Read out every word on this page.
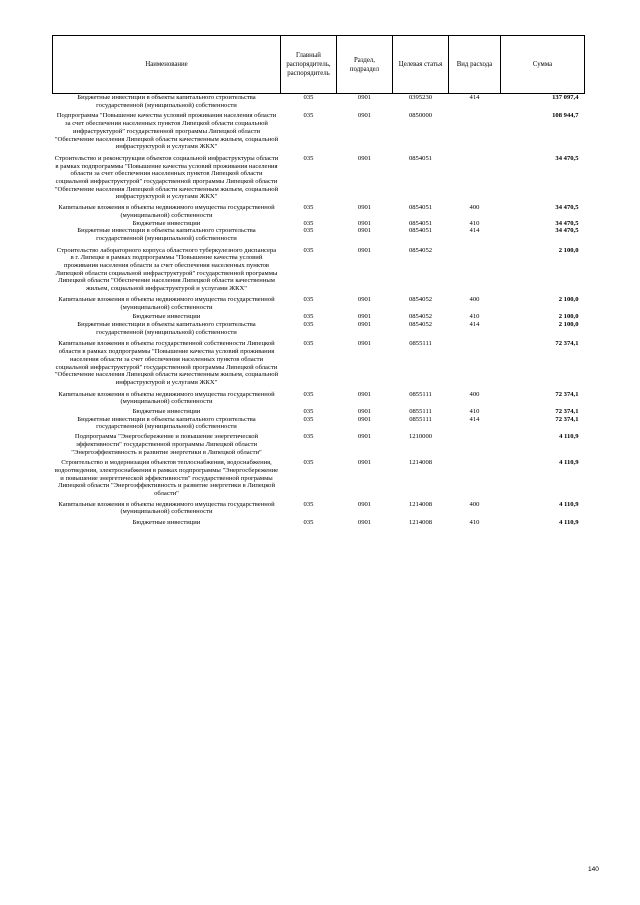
Наименование	Главный распорядитель, распорядитель	Раздел, подраздел	Целевая статья	Вид расхода	Сумма
Бюджетные инвестиции в объекты капитального строительства государственной (муниципальной) собственности	035	0901	0395230	414	137 097,4
Подпрограмма "Повышение качества условий проживания населения области за счет обеспечения населенных пунктов Липецкой области социальной инфраструктурой" государственной программы Липецкой области "Обеспечение населения Липецкой области качественным жильем, социальной инфраструктурой и услугами ЖКХ"	035	0901	0850000		108 944,7
Строительство и реконструкция объектов социальной инфраструктуры области в рамках подпрограммы "Повышение качества условий проживания населения области за счет обеспечения населенных пунктов Липецкой области социальной инфраструктурой" государственной программы Липецкой области "Обеспечение населения Липецкой области качественным жильем, социальной инфраструктурой и услугами ЖКХ"	035	0901	0854051		34 470,5
Капитальные вложения в объекты недвижимого имущества государственной (муниципальной) собственности	035	0901	0854051	400	34 470,5
Бюджетные инвестиции	035	0901	0854051	410	34 470,5
Бюджетные инвестиции в объекты капитального строительства государственной (муниципальной) собственности	035	0901	0854051	414	34 470,5
Строительство лабораторного корпуса областного туберкулезного диспансера в г. Липецке в рамках подпрограммы "Повышение качества условий проживания населения области за счет обеспечения населенных пунктов Липецкой области социальной инфраструктурой" государственной программы Липецкой области "Обеспечение населения Липецкой области качественным жильем, социальной инфраструктурой и услугами ЖКХ"	035	0901	0854052		2 100,0
Капитальные вложения в объекты недвижимого имущества государственной (муниципальной) собственности	035	0901	0854052	400	2 100,0
Бюджетные инвестиции	035	0901	0854052	410	2 100,0
Бюджетные инвестиции в объекты капитального строительства государственной (муниципальной) собственности	035	0901	0854052	414	2 100,0
Капитальные вложения в объекты государственной собственности Липецкой области в рамках подпрограммы "Повышение качества условий проживания населения области за счет обеспечения населенных пунктов области социальной инфраструктурой" государственной программы Липецкой области "Обеспечение населения Липецкой области качественным жильем, социальной инфраструктурой и услугами ЖКХ"	035	0901	0855111		72 374,1
Капитальные вложения в объекты недвижимого имущества государственной (муниципальной) собственности	035	0901	0855111	400	72 374,1
Бюджетные инвестиции	035	0901	0855111	410	72 374,1
Бюджетные инвестиции в объекты капитального строительства государственной (муниципальной) собственности	035	0901	0855111	414	72 374,1
Подпрограмма "Энергосбережение и повышение энергетической эффективности" государственной программы Липецкой области "Энергоэффективность и развитие энергетики в Липецкой области"	035	0901	1210000		4 110,9
Строительство и модернизация объектов теплоснабжения, водоснабжения, водоотведения, электроснабжения в рамках подпрограммы "Энергосбережение и повышение энергетической эффективности" государственной программы Липецкой области "Энергоэффективность и развитие энергетики в Липецкой области"	035	0901	1214008		4 110,9
Капитальные вложения в объекты недвижимого имущества государственной (муниципальной) собственности	035	0901	1214008	400	4 110,9
Бюджетные инвестиции	035	0901	1214008	410	4 110,9
140
